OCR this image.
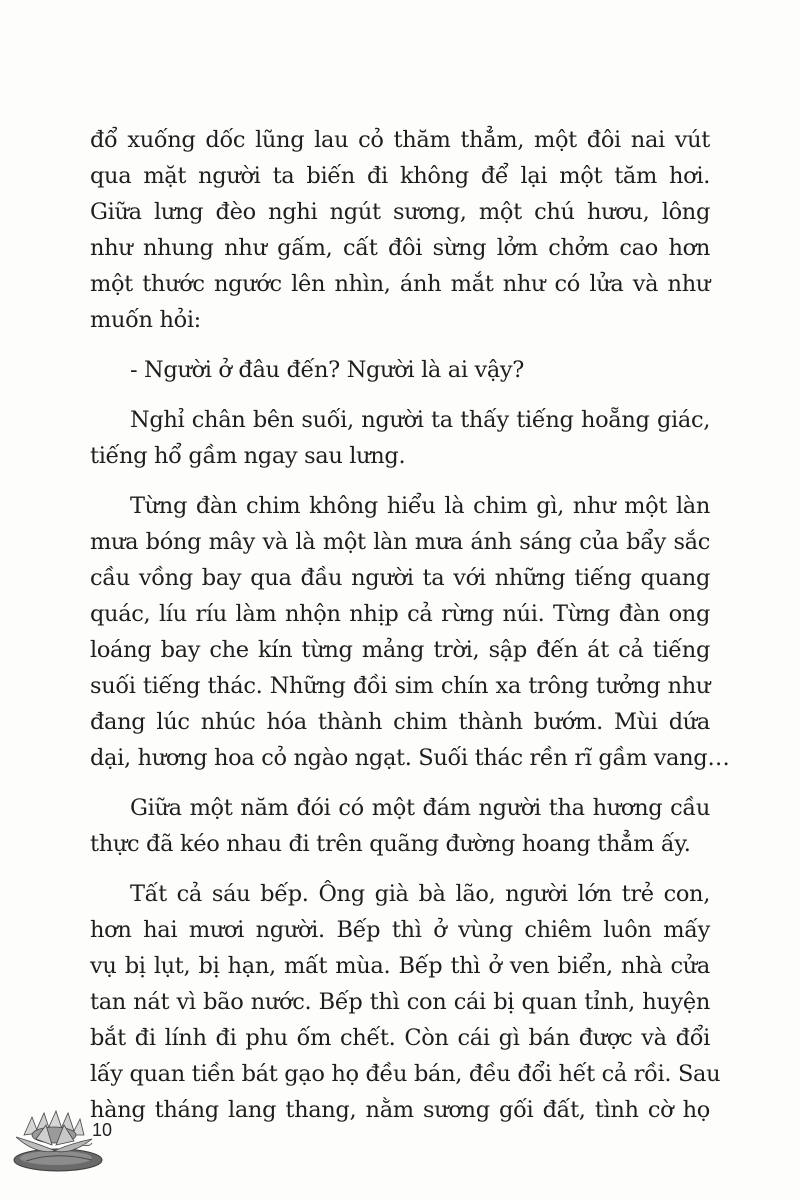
đổ xuống dốc lũng lau cỏ thăm thẳm, một đôi nai vút
qua mặt người ta biến đi không để lại một tăm hơi.
Giữa lưng đèo nghi ngút sương, một chú hươu, lông
như nhung như gấm, cất đôi sừng lởm chởm cao hơn
một thước ngước lên nhìn, ánh mắt như có lửa và như
muốn hỏi:
- Người ở đâu đến? Người là ai vậy?
Nghỉ chân bên suối, người ta thấy tiếng hoẵng giác,
tiếng hổ gầm ngay sau lưng.
Từng đàn chim không hiểu là chim gì, như một làn
mưa bóng mây và là một làn mưa ánh sáng của bẩy sắc
cầu vồng bay qua đầu người ta với những tiếng quang
quác, líu ríu làm nhộn nhịp cả rừng núi. Từng đàn ong
loáng bay che kín từng mảng trời, sập đến át cả tiếng
suối tiếng thác. Những đồi sim chín xa trông tưởng như
đang lúc nhúc hóa thành chim thành bướm. Mùi dứa
dại, hương hoa cỏ ngào ngạt. Suối thác rền rĩ gầm vang…
Giữa một năm đói có một đám người tha hương cầu
thực đã kéo nhau đi trên quãng đường hoang thẳm ấy.
Tất cả sáu bếp. Ông già bà lão, người lớn trẻ con,
hơn hai mươi người. Bếp thì ở vùng chiêm luôn mấy
vụ bị lụt, bị hạn, mất mùa. Bếp thì ở ven biển, nhà cửa
tan nát vì bão nước. Bếp thì con cái bị quan tỉnh, huyện
bắt đi lính đi phu ốm chết. Còn cái gì bán được và đổi
lấy quan tiền bát gạo họ đều bán, đều đổi hết cả rồi. Sau
hàng tháng lang thang, nằm sương gối đất, tình cờ họ
10
